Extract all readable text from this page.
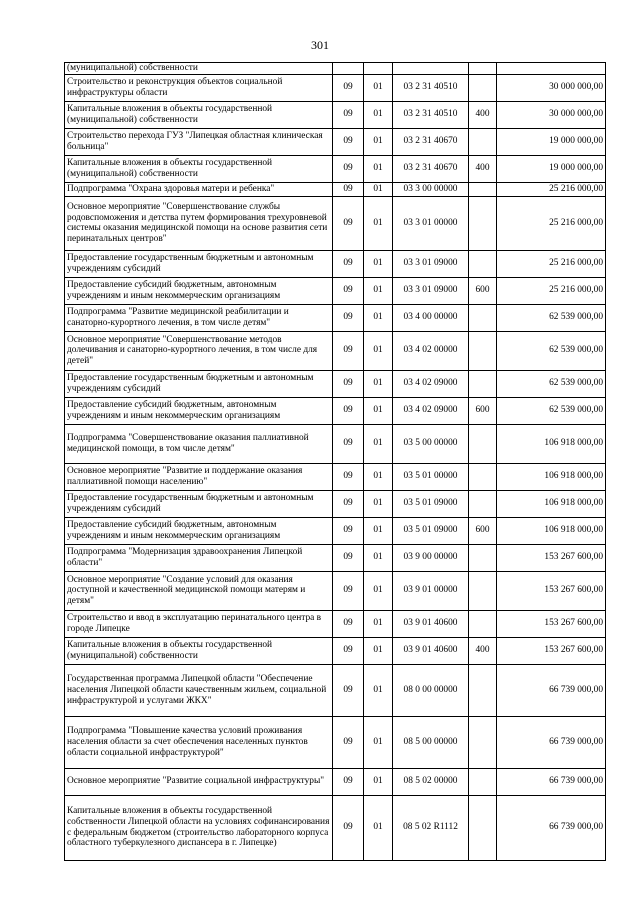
301
(муниципальной) собственности					
Строительство и реконструкция объектов социальной инфраструктуры области	09	01	03 2 31 40510		30 000 000,00
Капитальные вложения в объекты государственной (муниципальной) собственности	09	01	03 2 31 40510	400	30 000 000,00
Строительство перехода ГУЗ "Липецкая областная клиническая больница"	09	01	03 2 31 40670		19 000 000,00
Капитальные вложения в объекты государственной (муниципальной) собственности	09	01	03 2 31 40670	400	19 000 000,00
Подпрограмма "Охрана здоровья матери и ребенка"	09	01	03 3 00 00000		25 216 000,00
Основное мероприятие "Совершенствование службы родовспоможения и детства путем формирования трехуровневой системы оказания медицинской помощи на основе развития сети перинатальных центров"	09	01	03 3 01 00000		25 216 000,00
Предоставление государственным бюджетным и автономным учреждениям субсидий	09	01	03 3 01 09000		25 216 000,00
Предоставление субсидий бюджетным, автономным учреждениям и иным некоммерческим организациям	09	01	03 3 01 09000	600	25 216 000,00
Подпрограмма "Развитие медицинской реабилитации и санаторно-курортного лечения, в том числе детям"	09	01	03 4 00 00000		62 539 000,00
Основное мероприятие "Совершенствование методов долечивания и санаторно-курортного лечения, в том числе для детей"	09	01	03 4 02 00000		62 539 000,00
Предоставление государственным бюджетным и автономным учреждениям субсидий	09	01	03 4 02 09000		62 539 000,00
Предоставление субсидий бюджетным, автономным учреждениям и иным некоммерческим организациям	09	01	03 4 02 09000	600	62 539 000,00
Подпрограмма "Совершенствование оказания паллиативной медицинской помощи, в том числе детям"	09	01	03 5 00 00000		106 918 000,00
Основное мероприятие "Развитие и поддержание оказания паллиативной помощи населению"	09	01	03 5 01 00000		106 918 000,00
Предоставление государственным бюджетным и автономным учреждениям субсидий	09	01	03 5 01 09000		106 918 000,00
Предоставление субсидий бюджетным, автономным учреждениям и иным некоммерческим организациям	09	01	03 5 01 09000	600	106 918 000,00
Подпрограмма "Модернизация здравоохранения Липецкой области"	09	01	03 9 00 00000		153 267 600,00
Основное мероприятие "Создание условий для оказания доступной и качественной медицинской помощи матерям и детям"	09	01	03 9 01 00000		153 267 600,00
Строительство и ввод в эксплуатацию перинатального центра в городе Липецке	09	01	03 9 01 40600		153 267 600,00
Капитальные вложения в объекты государственной (муниципальной) собственности	09	01	03 9 01 40600	400	153 267 600,00
Государственная программа Липецкой области "Обеспечение населения Липецкой области качественным жильем, социальной инфраструктурой и услугами ЖКХ"	09	01	08 0 00 00000		66 739 000,00
Подпрограмма "Повышение качества условий проживания населения области за счет обеспечения населенных пунктов области социальной инфраструктурой"	09	01	08 5 00 00000		66 739 000,00
Основное мероприятие "Развитие социальной инфраструктуры"	09	01	08 5 02 00000		66 739 000,00
Капитальные вложения в объекты государственной собственности Липецкой области на условиях софинансирования с федеральным бюджетом (строительство лабораторного корпуса областного туберкулезного диспансера в г. Липецке)	09	01	08 5 02 R1112		66 739 000,00
